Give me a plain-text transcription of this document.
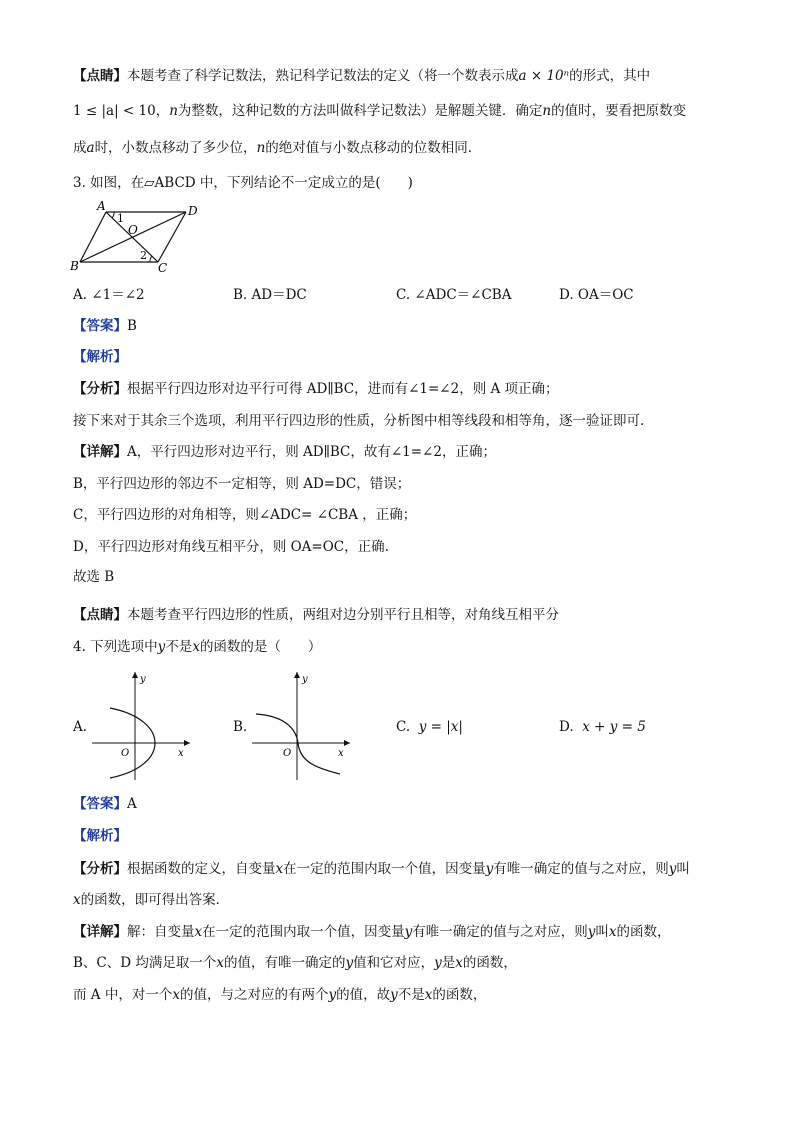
【点睛】本题考查了科学记数法，熟记科学记数法的定义（将一个数表示成a × 10ⁿ的形式，其中
1 ≤ |a| < 10，n为整数，这种记数的方法叫做科学记数法）是解题关键．确定n的值时，要看把原数变
成a时，小数点移动了多少位，n的绝对值与小数点移动的位数相同．
3. 如图，在▱ABCD 中，下列结论不一定成立的是(　　)
A	D
B	C
O
1
2
A. ∠1＝∠2	B. AD＝DC	C. ∠ADC＝∠CBA	D. OA＝OC
【答案】B
【解析】
【分析】根据平行四边形对边平行可得 AD∥BC，进而有∠1=∠2，则 A 项正确；
接下来对于其余三个选项，利用平行四边形的性质，分析图中相等线段和相等角，逐一验证即可.
【详解】A，平行四边形对边平行，则 AD∥BC，故有∠1=∠2，正确；
B，平行四边形的邻边不一定相等，则 AD=DC，错误；
C，平行四边形的对角相等，则∠ADC= ∠CBA ，正确；
D，平行四边形对角线互相平分，则 OA=OC，正确.
故选 B
【点睛】本题考查平行四边形的性质，两组对边分别平行且相等，对角线互相平分
4. 下列选项中y不是x的函数的是（　　）
A.
y
x
O
B.
y
x
O
C. y = |x|	D. x + y = 5
【答案】A
【解析】
【分析】根据函数的定义，自变量x在一定的范围内取一个值，因变量y有唯一确定的值与之对应，则y叫
x的函数，即可得出答案．
【详解】解：自变量x在一定的范围内取一个值，因变量y有唯一确定的值与之对应，则y叫x的函数，
B、C、D 均满足取一个x的值，有唯一确定的y值和它对应，y是x的函数，
而 A 中，对一个x的值，与之对应的有两个y的值，故y不是x的函数，
